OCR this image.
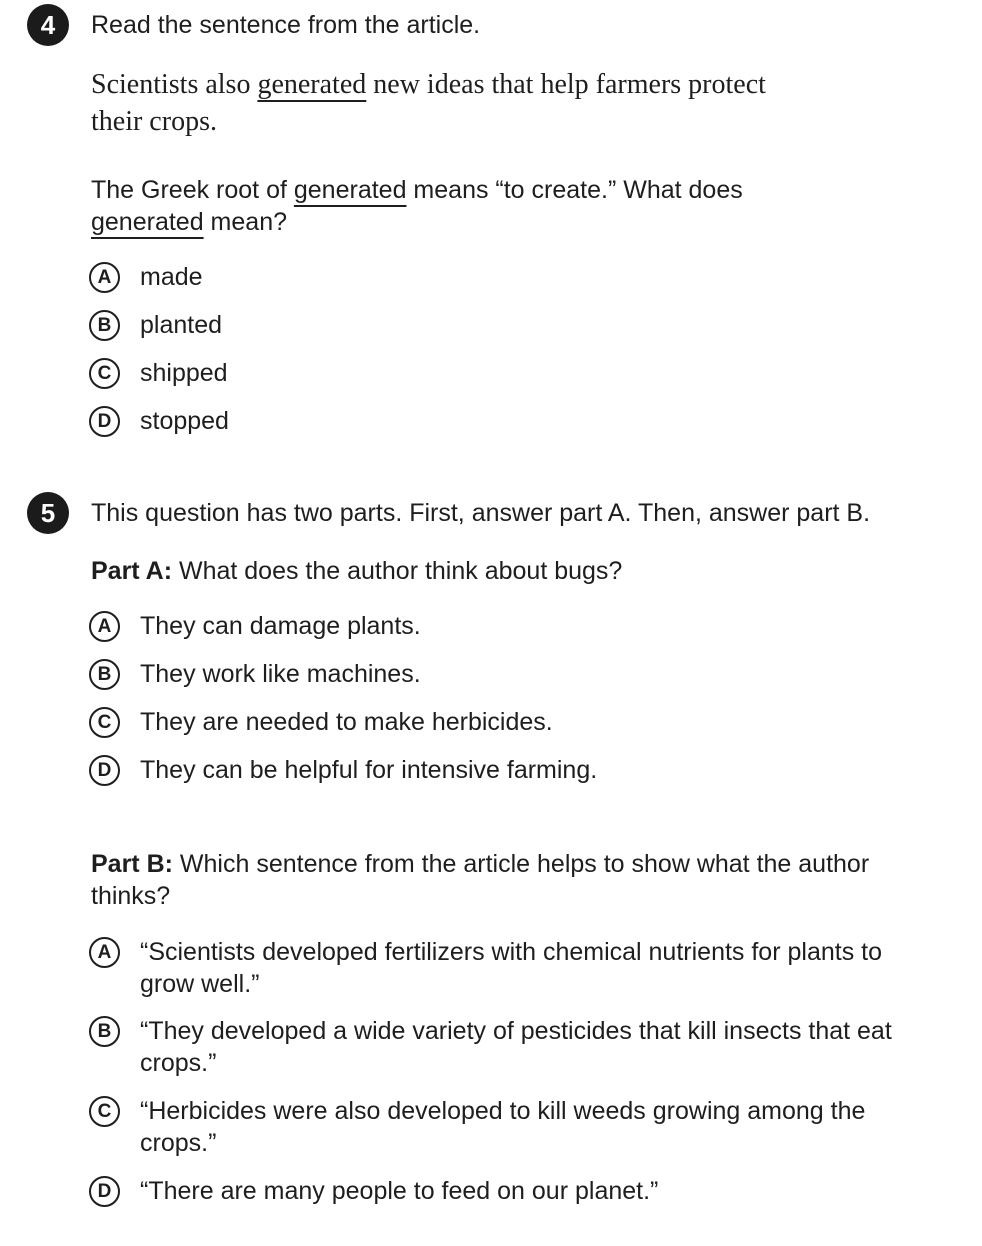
4	Read the sentence from the article.
Scientists also generated new ideas that help farmers protect
their crops.
The Greek root of generated means “to create.” What does
generated mean?
A	made
B	planted
C	shipped
D	stopped
5	This question has two parts. First, answer part A. Then, answer part B.
Part A: What does the author think about bugs?
A	They can damage plants.
B	They work like machines.
C	They are needed to make herbicides.
D	They can be helpful for intensive farming.
Part B: Which sentence from the article helps to show what the author thinks?
A	“Scientists developed fertilizers with chemical nutrients for plants to grow well.”
B	“They developed a wide variety of pesticides that kill insects that eat crops.”
C	“Herbicides were also developed to kill weeds growing among the crops.”
D	“There are many people to feed on our planet.”
